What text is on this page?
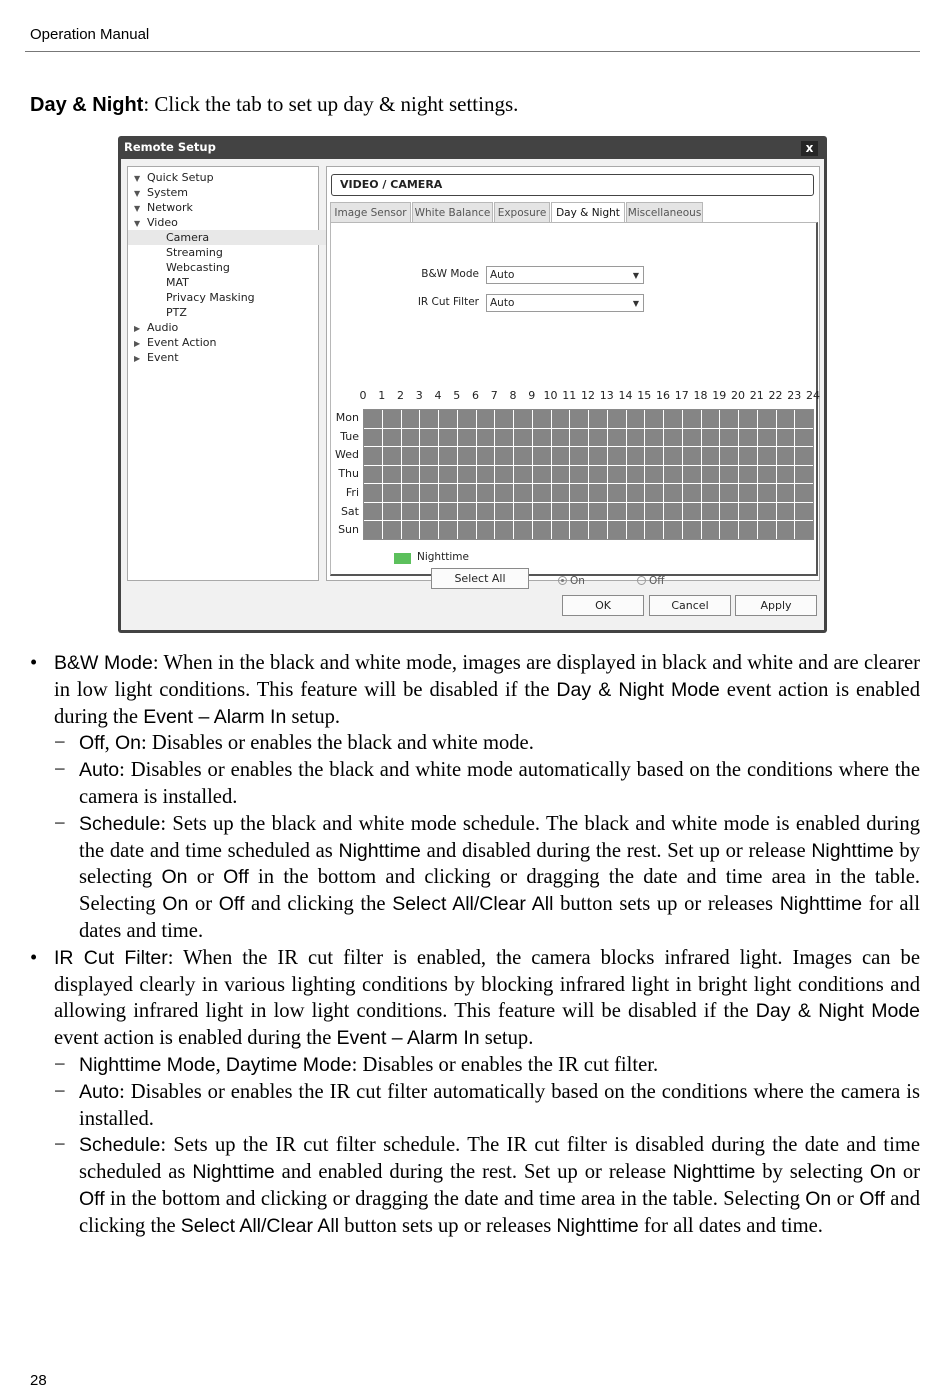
Operation Manual
Day & Night: Click the tab to set up day & night settings.
Remote Setup	x
▼ Quick Setup
▼ System
▼ Network
▼ Video
Camera
Streaming
Webcasting
MAT
Privacy Masking
PTZ
▶ Audio
▶ Event Action
▶ Event
VIDEO / CAMERA
Image Sensor White Balance Exposure Day & Night Miscellaneous
B&W Mode	Auto	▼
IR Cut Filter	Auto	▼
0	1	2	3	4	5	6	7	8	9 10 11 12 13 14 15 16 17 18 19 20 21 22 23 24
Mon
Tue
Wed
Thu
Fri
Sat
Sun
Nighttime
Select All	On	Off
OK	Cancel	Apply
• B&W Mode: When in the black and white mode, images are displayed in black and white and are clearer in low light conditions. This feature will be disabled if the Day & Night Mode event action is enabled during the Event – Alarm In setup.
− Off, On: Disables or enables the black and white mode.
− Auto: Disables or enables the black and white mode automatically based on the conditions where the camera is installed.
− Schedule: Sets up the black and white mode schedule. The black and white mode is enabled during the date and time scheduled as Nighttime and disabled during the rest. Set up or release Nighttime by selecting On or Off in the bottom and clicking or dragging the date and time area in the table. Selecting On or Off and clicking the Select All/Clear All button sets up or releases Nighttime for all dates and time.
• IR Cut Filter: When the IR cut filter is enabled, the camera blocks infrared light. Images can be displayed clearly in various lighting conditions by blocking infrared light in bright light conditions and allowing infrared light in low light conditions. This feature will be disabled if the Day & Night Mode event action is enabled during the Event – Alarm In setup.
− Nighttime Mode, Daytime Mode: Disables or enables the IR cut filter.
− Auto: Disables or enables the IR cut filter automatically based on the conditions where the camera is installed.
− Schedule: Sets up the IR cut filter schedule. The IR cut filter is disabled during the date and time scheduled as Nighttime and enabled during the rest. Set up or release Nighttime by selecting On or Off in the bottom and clicking or dragging the date and time area in the table. Selecting On or Off and clicking the Select All/Clear All button sets up or releases Nighttime for all dates and time.
28
